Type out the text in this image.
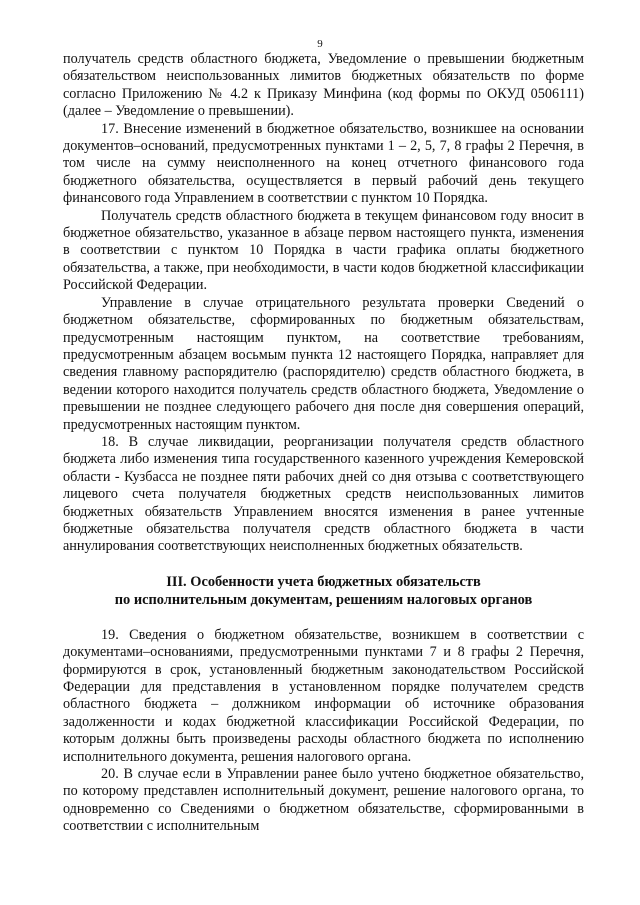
9

получатель средств областного бюджета, Уведомление о превышении бюджетным обязательством неиспользованных лимитов бюджетных обязательств по форме согласно Приложению № 4.2 к Приказу Минфина (код формы по ОКУД 0506111) (далее – Уведомление о превышении).

17. Внесение изменений в бюджетное обязательство, возникшее на основании документов–оснований, предусмотренных пунктами 1 – 2, 5, 7, 8 графы 2 Перечня, в том числе на сумму неисполненного на конец отчетного финансового года бюджетного обязательства, осуществляется в первый рабочий день текущего финансового года Управлением в соответствии с пунктом 10 Порядка.

Получатель средств областного бюджета в текущем финансовом году вносит в бюджетное обязательство, указанное в абзаце первом настоящего пункта, изменения в соответствии с пунктом 10 Порядка в части графика оплаты бюджетного обязательства, а также, при необходимости, в части кодов бюджетной классификации Российской Федерации.

Управление в случае отрицательного результата проверки Сведений о бюджетном обязательстве, сформированных по бюджетным обязательствам, предусмотренным настоящим пунктом, на соответствие требованиям, предусмотренным абзацем восьмым пункта 12 настоящего Порядка, направляет для сведения главному распорядителю (распорядителю) средств областного бюджета, в ведении которого находится получатель средств областного бюджета, Уведомление о превышении не позднее следующего рабочего дня после дня совершения операций, предусмотренных настоящим пунктом.

18. В случае ликвидации, реорганизации получателя средств областного бюджета либо изменения типа государственного казенного учреждения Кемеровской области - Кузбасса не позднее пяти рабочих дней со дня отзыва с соответствующего лицевого счета получателя бюджетных средств неиспользованных лимитов бюджетных обязательств Управлением вносятся изменения в ранее учтенные бюджетные обязательства получателя средств областного бюджета в части аннулирования соответствующих неисполненных бюджетных обязательств.

III. Особенности учета бюджетных обязательств
по исполнительным документам, решениям налоговых органов

19. Сведения о бюджетном обязательстве, возникшем в соответствии с документами–основаниями, предусмотренными пунктами 7 и 8 графы 2 Перечня, формируются в срок, установленный бюджетным законодательством Российской Федерации для представления в установленном порядке получателем средств областного бюджета – должником информации об источнике образования задолженности и кодах бюджетной классификации Российской Федерации, по которым должны быть произведены расходы областного бюджета по исполнению исполнительного документа, решения налогового органа.

20. В случае если в Управлении ранее было учтено бюджетное обязательство, по которому представлен исполнительный документ, решение налогового органа, то одновременно со Сведениями о бюджетном обязательстве, сформированными в соответствии с исполнительным
